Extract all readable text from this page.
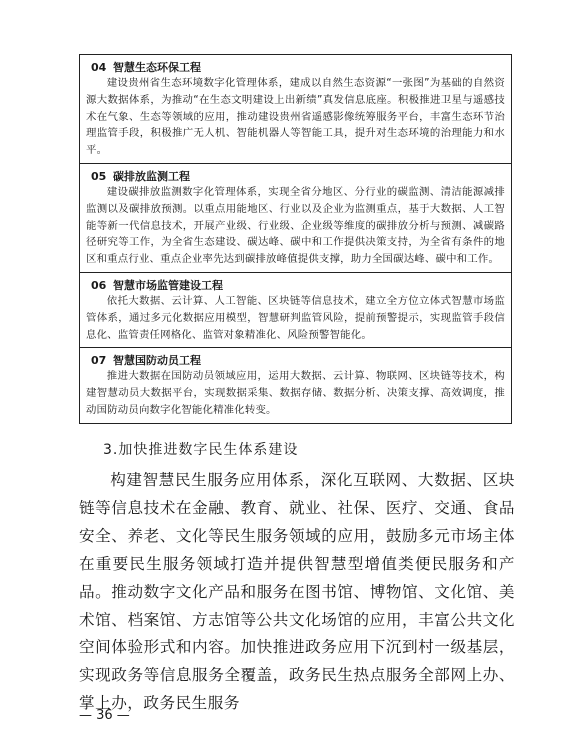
04 智慧生态环保工程
建设贵州省生态环境数字化管理体系，建成以自然生态资源“一张图”为基础的自然资源大数据体系，为推动“在生态文明建设上出新绩”真发信息底座。积极推进卫星与遥感技术在气象、生态等领域的应用，推动建设贵州省遥感影像统筹服务平台，丰富生态环节治理监管手段，积极推广无人机、智能机器人等智能工具，提升对生态环境的治理能力和水平。
05 碳排放监测工程
建设碳排放监测数字化管理体系，实现全省分地区、分行业的碳监测、清洁能源减排监测以及碳排放预测。以重点用能地区、行业以及企业为监测重点，基于大数据、人工智能等新一代信息技术，开展产业级、行业级、企业级等维度的碳排放分析与预测、减碳路径研究等工作，为全省生态建设、碳达峰、碳中和工作提供决策支持，为全省有条件的地区和重点行业、重点企业率先达到碳排放峰值提供支撑，助力全国碳达峰、碳中和工作。
06 智慧市场监管建设工程
依托大数据、云计算、人工智能、区块链等信息技术，建立全方位立体式智慧市场监管体系，通过多元化数据应用模型，智慧研判监管风险，提前预警提示，实现监管手段信息化、监管责任网格化、监管对象精准化、风险预警智能化。
07 智慧国防动员工程
推进大数据在国防动员领域应用，运用大数据、云计算、物联网、区块链等技术，构建智慧动员大数据平台，实现数据采集、数据存储、数据分析、决策支撑、高效调度，推动国防动员向数字化智能化精准化转变。
3.加快推进数字民生体系建设
构建智慧民生服务应用体系，深化互联网、大数据、区块链等信息技术在金融、教育、就业、社保、医疗、交通、食品安全、养老、文化等民生服务领域的应用，鼓励多元市场主体在重要民生服务领域打造并提供智慧型增值类便民服务和产品。推动数字文化产品和服务在图书馆、博物馆、文化馆、美术馆、档案馆、方志馆等公共文化场馆的应用，丰富公共文化空间体验形式和内容。加快推进政务应用下沉到村一级基层，实现政务等信息服务全覆盖，政务民生热点服务全部网上办、掌上办，政务民生服务
— 36 —
